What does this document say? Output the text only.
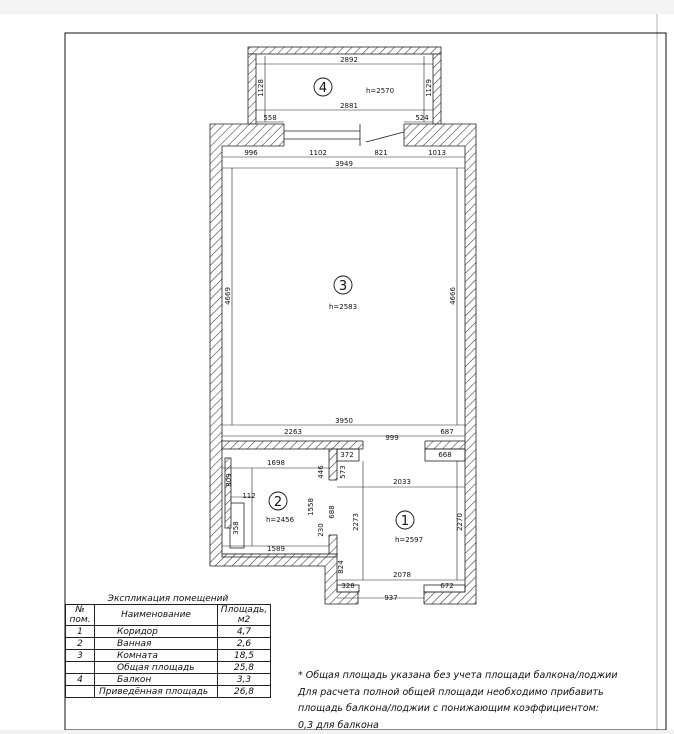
2892
2881
1128	1129
558	524
996	1102	821	1013
3949
4669	4666
3950
2263
999
687
668
1698
1589
809
358
112
1558
372
573
446
2033
688
230	2273	2270
824
2078
672
328
937
4	h=2570
3
h=2583
2
h=2456	1
h=2597
Экспликация помещений		
№ пом.	Наименование	Площадь, м2
1	Коридор	4,7
2	Ванная	2,6
3	Комната	18,5
	Общая площадь	25,8
4	Балкон	3,3
	Приведённая площадь	26,8
* Общая площадь указана без учета площади балкона/лоджии
Для расчета полной общей площади необходимо прибавить
площадь балкона/лоджии с понижающим коэффициентом:
0,3 для балкона
